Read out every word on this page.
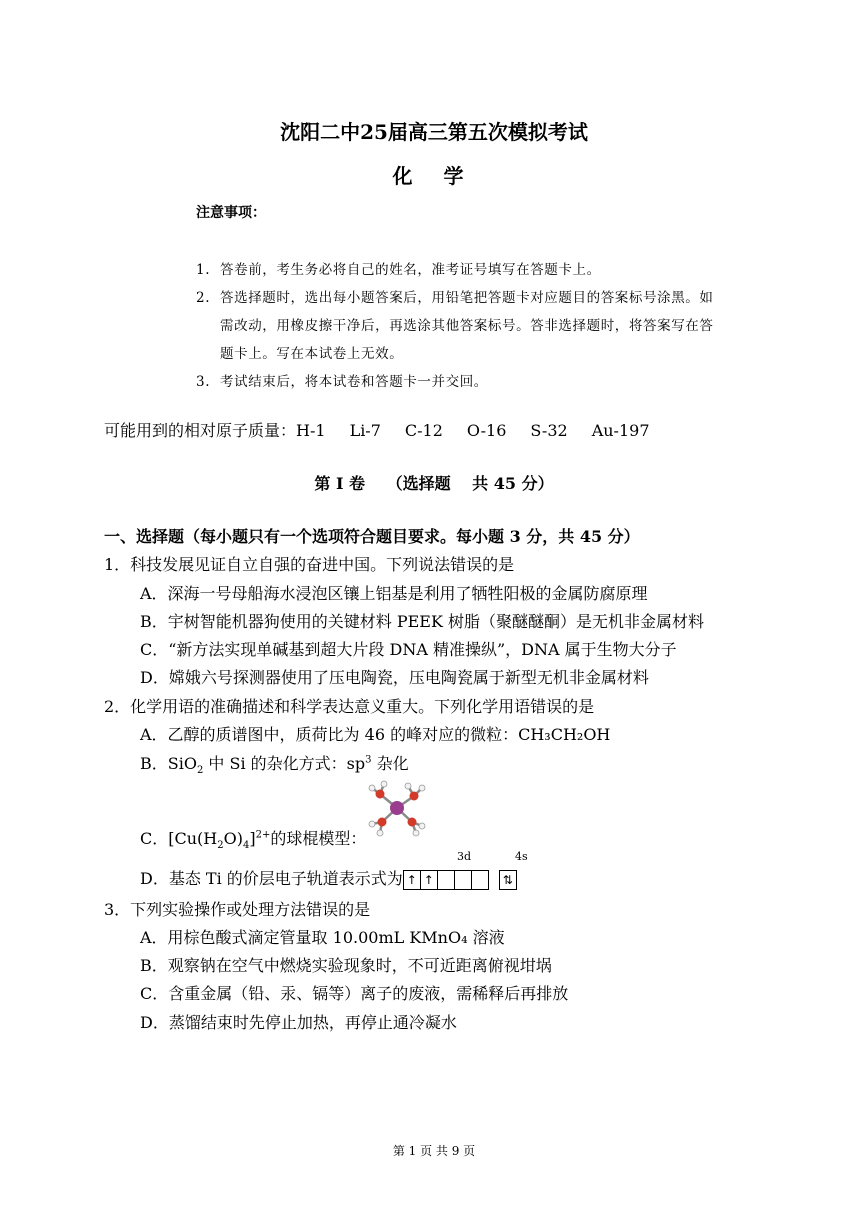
沈阳二中25届高三第五次模拟考试
化 学
注意事项：
1. 答卷前，考生务必将自己的姓名，准考证号填写在答题卡上。
2. 答选择题时，选出每小题答案后，用铅笔把答题卡对应题目的答案标号涂黑。如
需改动，用橡皮擦干净后，再选涂其他答案标号。答非选择题时，将答案写在答
题卡上。写在本试卷上无效。
3. 考试结束后，将本试卷和答题卡一并交回。
可能用到的相对原子质量：H-1 Li-7 C-12 O-16 S-32 Au-197
第 I 卷　 （选择题　 共 45 分）
一、选择题（每小题只有一个选项符合题目要求。每小题 3 分，共 45 分）
1．科技发展见证自立自强的奋进中国。下列说法错误的是
A．深海一号母船海水浸泡区镶上铝基是利用了牺牲阳极的金属防腐原理
B．宇树智能机器狗使用的关键材料 PEEK 树脂（聚醚醚酮）是无机非金属材料
C．“新方法实现单碱基到超大片段 DNA 精准操纵”，DNA 属于生物大分子
D．嫦娥六号探测器使用了压电陶瓷，压电陶瓷属于新型无机非金属材料
2．化学用语的准确描述和科学表达意义重大。下列化学用语错误的是
A．乙醇的质谱图中，质荷比为 46 的峰对应的微粒：CH₃CH₂OH
B．SiO$_2$ 中 Si 的杂化方式：$sp^3$ 杂化
C．$[Cu(H_2O)_4]^{2+}$的球棍模型：
3d	4s
D．基态 Ti 的价层电子轨道表示式为 ↑ ↑	⇅
3．下列实验操作或处理方法错误的是
A．用棕色酸式滴定管量取 10.00mL KMnO₄ 溶液
B．观察钠在空气中燃烧实验现象时，不可近距离俯视坩埚
C．含重金属（铅、汞、镉等）离子的废液，需稀释后再排放
D．蒸馏结束时先停止加热，再停止通冷凝水
第 1 页 共 9 页
